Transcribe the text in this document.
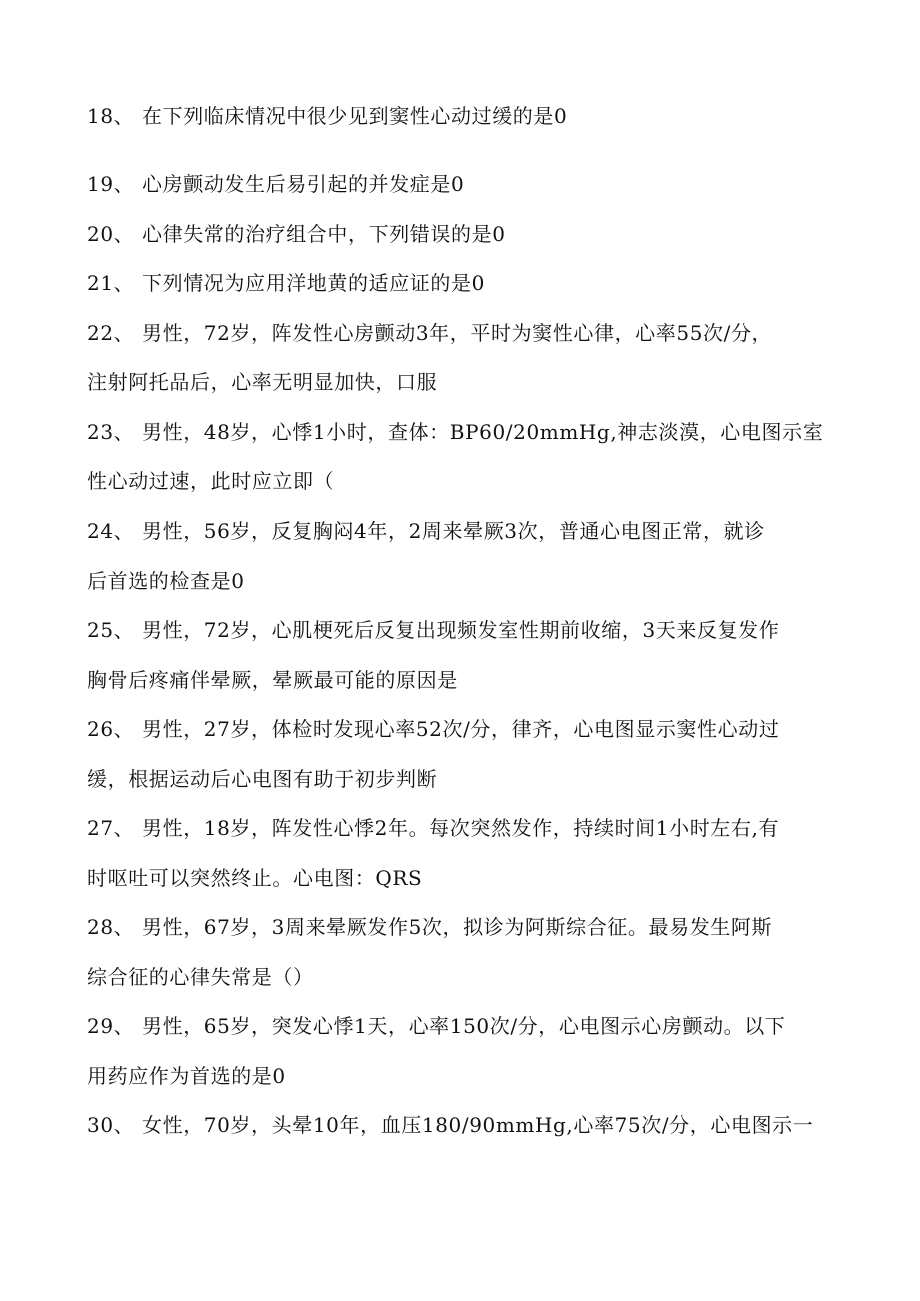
18、 在下列临床情况中很少见到窦性心动过缓的是0
19、 心房颤动发生后易引起的并发症是0
20、 心律失常的治疗组合中，下列错误的是0
21、 下列情况为应用洋地黄的适应证的是0
22、 男性，72岁，阵发性心房颤动3年，平时为窦性心律，心率55次/分，
注射阿托品后，心率无明显加快，口服
23、 男性，48岁，心悸1小时，查体：BP60/20mmHg,神志淡漠，心电图示室
性心动过速，此时应立即（
24、 男性，56岁，反复胸闷4年，2周来晕厥3次，普通心电图正常，就诊
后首选的检查是0
25、 男性，72岁，心肌梗死后反复出现频发室性期前收缩，3天来反复发作
胸骨后疼痛伴晕厥，晕厥最可能的原因是
26、 男性，27岁，体检时发现心率52次/分，律齐，心电图显示窦性心动过
缓，根据运动后心电图有助于初步判断
27、 男性，18岁，阵发性心悸2年。每次突然发作，持续时间1小时左右,有
时呕吐可以突然终止。心电图：QRS
28、 男性，67岁，3周来晕厥发作5次，拟诊为阿斯综合征。最易发生阿斯
综合征的心律失常是（）
29、 男性，65岁，突发心悸1天，心率150次/分，心电图示心房颤动。以下
用药应作为首选的是0
30、 女性，70岁，头晕10年，血压180/90mmHg,心率75次/分，心电图示一
